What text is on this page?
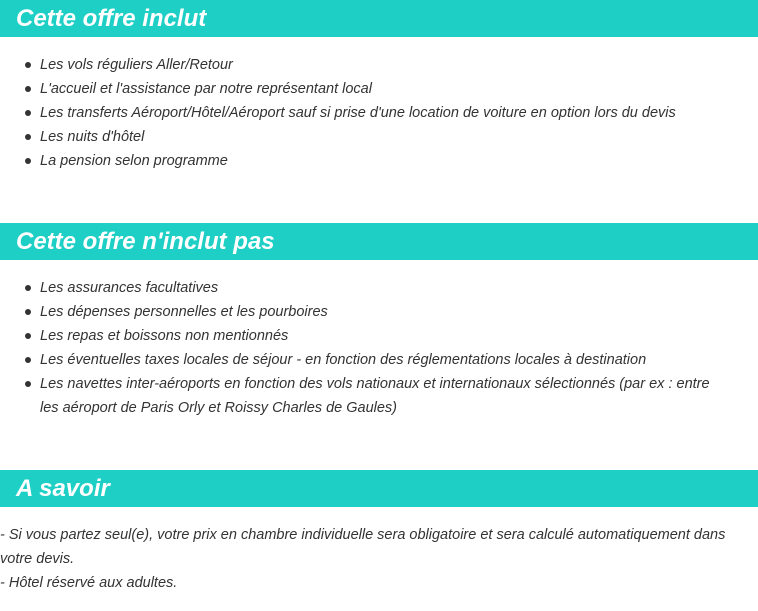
Cette offre inclut
Les vols réguliers Aller/Retour
L'accueil et l'assistance par notre représentant local
Les transferts Aéroport/Hôtel/Aéroport sauf si prise d'une location de voiture en option lors du devis
Les nuits d'hôtel
La pension selon programme
Cette offre n'inclut pas
Les assurances facultatives
Les dépenses personnelles et les pourboires
Les repas et boissons non mentionnés
Les éventuelles taxes locales de séjour - en fonction des réglementations locales à destination
Les navettes inter-aéroports en fonction des vols nationaux et internationaux sélectionnés (par ex : entre les aéroport de Paris Orly et Roissy Charles de Gaules)
A savoir

- Si vous partez seul(e), votre prix en chambre individuelle sera obligatoire et sera calculé automatiquement dans votre devis.

- Hôtel réservé aux adultes.
